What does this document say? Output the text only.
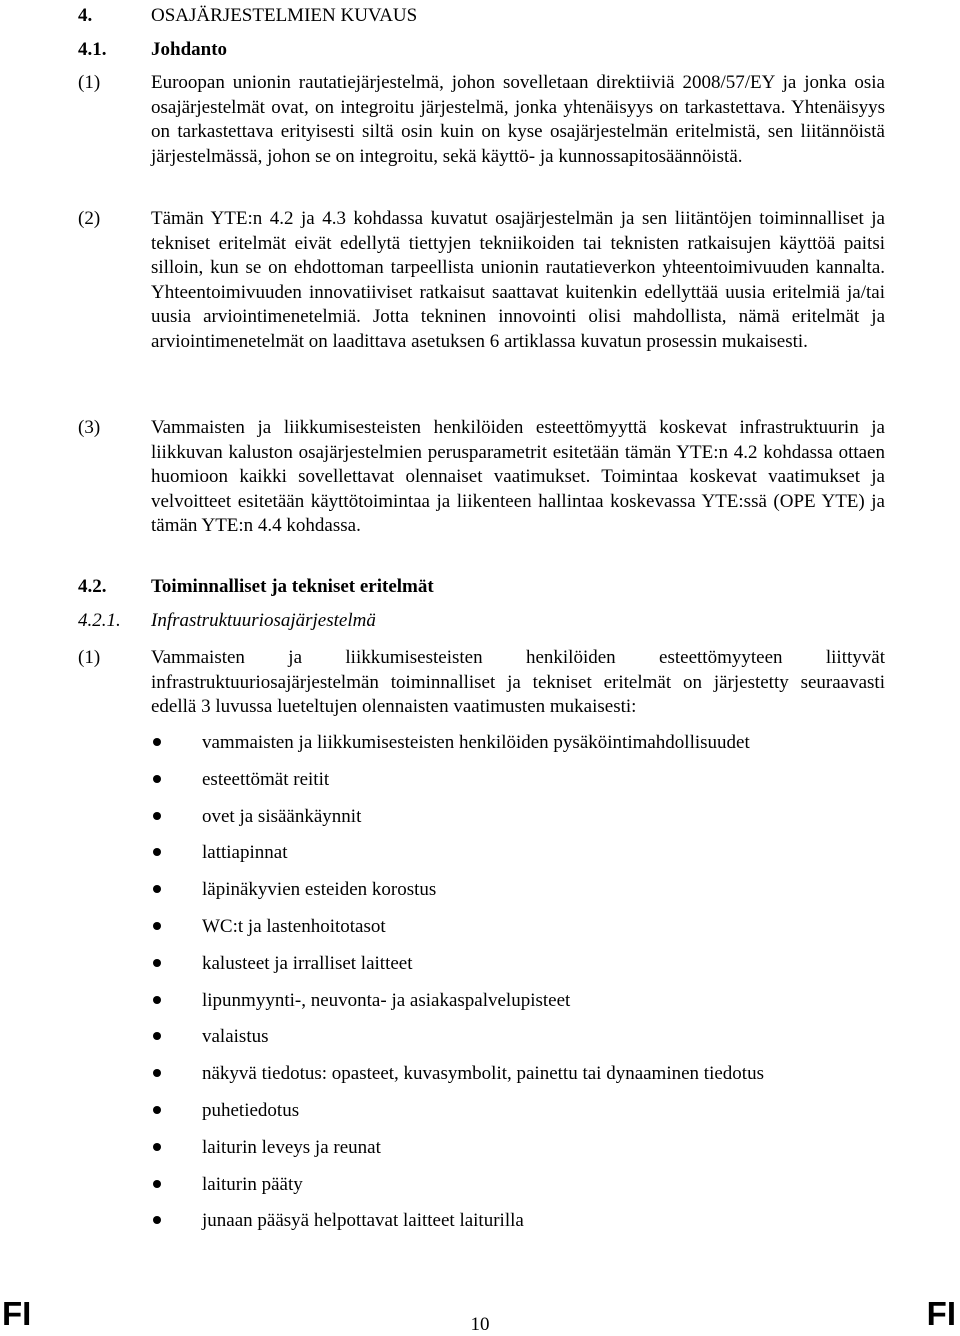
4.	OSAJÄRJESTELMIEN KUVAUS
4.1. Johdanto
(1)	Euroopan unionin rautatiejärjestelmä, johon sovelletaan direktiiviä 2008/57/EY ja jonka osia osajärjestelmät ovat, on integroitu järjestelmä, jonka yhtenäisyys on tarkastettava. Yhtenäisyys on tarkastettava erityisesti siltä osin kuin on kyse osajärjestelmän eritelmistä, sen liitännöistä järjestelmässä, johon se on integroitu, sekä käyttö- ja kunnossapitosäännöistä.
(2)	Tämän YTE:n 4.2 ja 4.3 kohdassa kuvatut osajärjestelmän ja sen liitäntöjen toiminnalliset ja tekniset eritelmät eivät edellytä tiettyjen tekniikoiden tai teknisten ratkaisujen käyttöä paitsi silloin, kun se on ehdottoman tarpeellista unionin rautatieverkon yhteentoimivuuden kannalta. Yhteentoimivuuden innovatiiviset ratkaisut saattavat kuitenkin edellyttää uusia eritelmiä ja/tai uusia arviointimenetelmiä. Jotta tekninen innovointi olisi mahdollista, nämä eritelmät ja arviointimenetelmät on laadittava asetuksen 6 artiklassa kuvatun prosessin mukaisesti.
(3)	Vammaisten ja liikkumisesteisten henkilöiden esteettömyyttä koskevat infrastruktuurin ja liikkuvan kaluston osajärjestelmien perusparametrit esitetään tämän YTE:n 4.2 kohdassa ottaen huomioon kaikki sovellettavat olennaiset vaatimukset. Toimintaa koskevat vaatimukset ja velvoitteet esitetään käyttötoimintaa ja liikenteen hallintaa koskevassa YTE:ssä (OPE YTE) ja tämän YTE:n 4.4 kohdassa.
4.2. Toiminnalliset ja tekniset eritelmät
4.2.1. Infrastruktuuriosajärjestelmä
(1)	Vammaisten ja liikkumisesteisten henkilöiden esteettömyyteen liittyvät infrastruktuuriosajärjestelmän toiminnalliset ja tekniset eritelmät on järjestetty seuraavasti edellä 3 luvussa lueteltujen olennaisten vaatimusten mukaisesti:
vammaisten ja liikkumisesteisten henkilöiden pysäköintimahdollisuudet
esteettömät reitit
ovet ja sisäänkäynnit
lattiapinnat
läpinäkyvien esteiden korostus
WC:t ja lastenhoitotasot
kalusteet ja irralliset laitteet
lipunmyynti-, neuvonta- ja asiakaspalvelupisteet
valaistus
näkyvä tiedotus: opasteet, kuvasymbolit, painettu tai dynaaminen tiedotus
puhetiedotus
laiturin leveys ja reunat
laiturin pääty
junaan pääsyä helpottavat laitteet laiturilla
FI	10	FI
